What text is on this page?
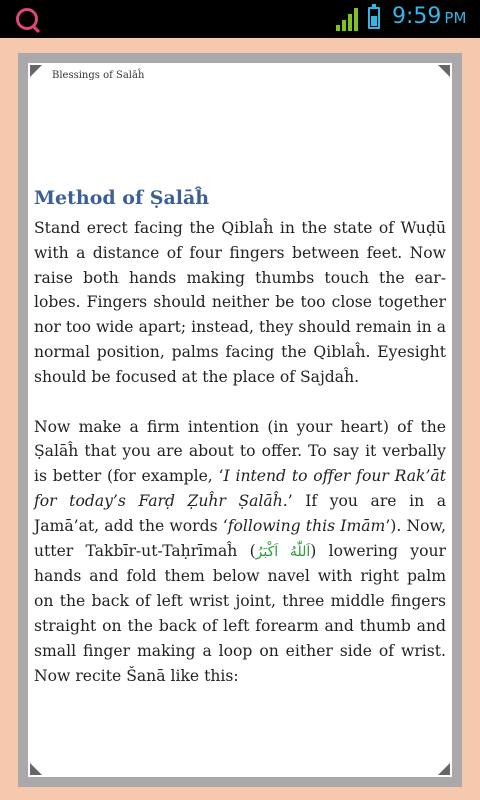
9:59 PM
Blessings of Salāĥ
Method of Ṣalāĥ

Stand erect facing the Qiblaĥ in the state of Wuḍū with a distance of four fingers between feet. Now raise both hands making thumbs touch the ear-lobes. Fingers should neither be too close together nor too wide apart; instead, they should remain in a normal position, palms facing the Qiblaĥ. Eyesight should be focused at the place of Sajdaĥ.

Now make a firm intention (in your heart) of the Ṣalāĥ that you are about to offer. To say it verbally is better (for example, ‘I intend to offer four Rak’āt for today’s Farḍ Ẓuĥr Ṣalāĥ.’ If you are in a Jamā’at, add the words ‘following this Imām’). Now, utter Takbīr-ut-Taḥrīmaĥ (اَللّٰهُ اَكْبَرُ) lowering your hands and fold them below navel with right palm on the back of left wrist joint, three middle fingers straight on the back of left forearm and thumb and small finger making a loop on either side of wrist. Now recite Šanā like this:
